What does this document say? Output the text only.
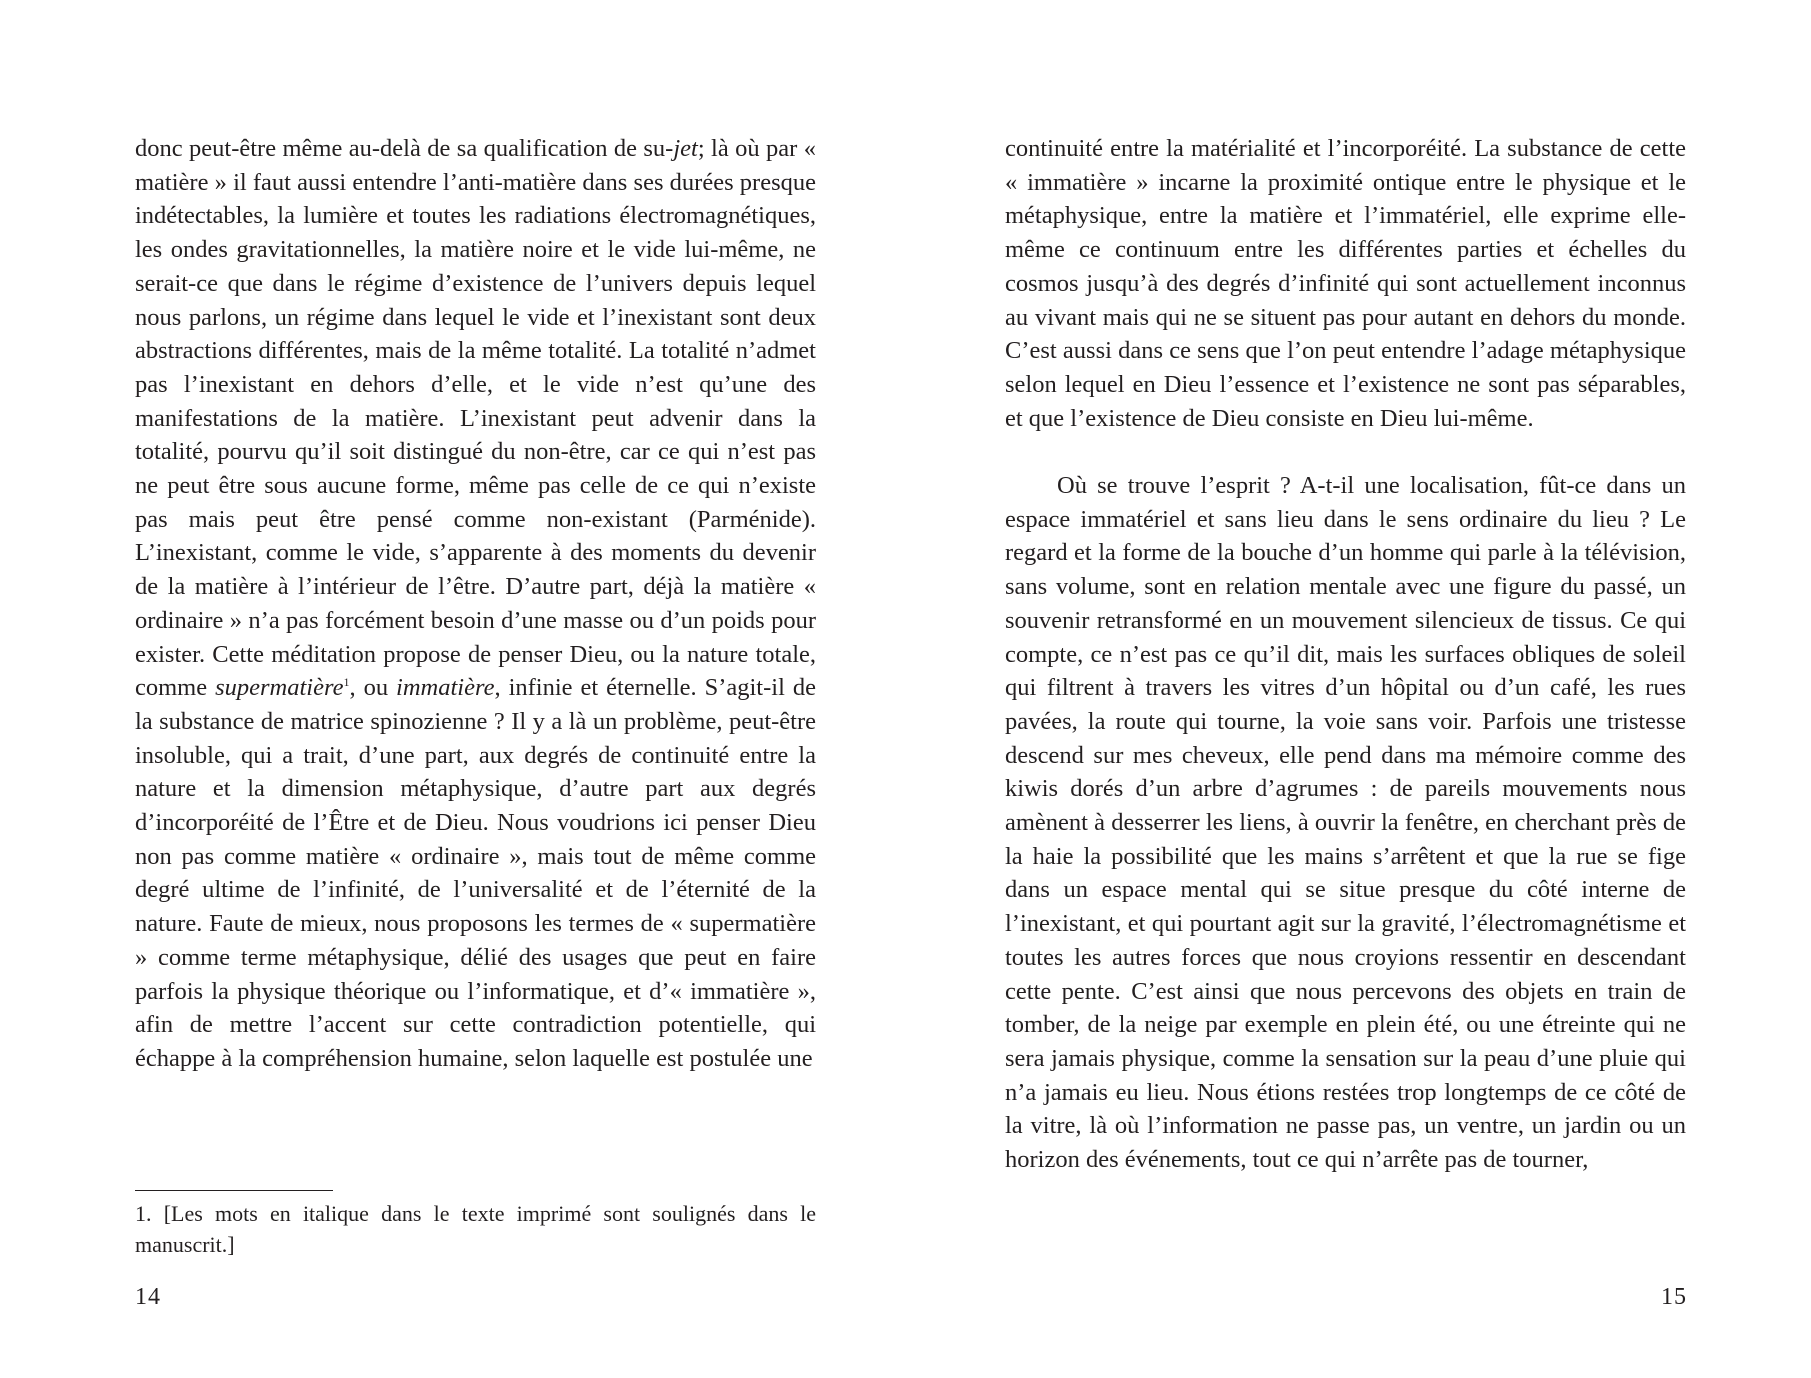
donc peut-être même au-delà de sa qualification de su-jet; là où par « matière » il faut aussi entendre l’anti-matière dans ses durées presque indétectables, la lumière et toutes les radiations électromagnétiques, les ondes gravitationnelles, la matière noire et le vide lui-même, ne serait-ce que dans le régime d’existence de l’univers depuis lequel nous parlons, un régime dans lequel le vide et l’inexistant sont deux abstractions différentes, mais de la même totalité. La totalité n’admet pas l’inexistant en dehors d’elle, et le vide n’est qu’une des manifestations de la matière. L’inexistant peut advenir dans la totalité, pourvu qu’il soit distingué du non-être, car ce qui n’est pas ne peut être sous aucune forme, même pas celle de ce qui n’existe pas mais peut être pensé comme non-existant (Parménide). L’inexistant, comme le vide, s’apparente à des moments du devenir de la matière à l’intérieur de l’être. D’autre part, déjà la matière « ordinaire » n’a pas forcément besoin d’une masse ou d’un poids pour exister. Cette méditation propose de penser Dieu, ou la nature totale, comme supermatière$^1$, ou immatière, infinie et éternelle. S’agit-il de la substance de matrice spinozienne ? Il y a là un problème, peut-être insoluble, qui a trait, d’une part, aux degrés de continuité entre la nature et la dimension métaphysique, d’autre part aux degrés d’incorporéité de l’Être et de Dieu. Nous voudrions ici penser Dieu non pas comme matière « ordinaire », mais tout de même comme degré ultime de l’infinité, de l’universalité et de l’éternité de la nature. Faute de mieux, nous proposons les termes de « supermatière » comme terme métaphysique, délié des usages que peut en faire parfois la physique théorique ou l’informatique, et d’« immatière », afin de mettre l’accent sur cette contradiction potentielle, qui échappe à la compréhension humaine, selon laquelle est postulée une

1. [Les mots en italique dans le texte imprimé sont soulignés dans le manuscrit.]
14

continuité entre la matérialité et l’incorporéité. La substance de cette « immatière » incarne la proximité ontique entre le physique et le métaphysique, entre la matière et l’immatériel, elle exprime elle-même ce continuum entre les différentes parties et échelles du cosmos jusqu’à des degrés d’infinité qui sont actuellement inconnus au vivant mais qui ne se situent pas pour autant en dehors du monde. C’est aussi dans ce sens que l’on peut entendre l’adage métaphysique selon lequel en Dieu l’essence et l’existence ne sont pas séparables, et que l’existence de Dieu consiste en Dieu lui-même.

Où se trouve l’esprit ? A-t-il une localisation, fût-ce dans un espace immatériel et sans lieu dans le sens ordinaire du lieu ? Le regard et la forme de la bouche d’un homme qui parle à la télévision, sans volume, sont en relation mentale avec une figure du passé, un souvenir retransformé en un mouvement silencieux de tissus. Ce qui compte, ce n’est pas ce qu’il dit, mais les surfaces obliques de soleil qui filtrent à travers les vitres d’un hôpital ou d’un café, les rues pavées, la route qui tourne, la voie sans voir. Parfois une tristesse descend sur mes cheveux, elle pend dans ma mémoire comme des kiwis dorés d’un arbre d’agrumes : de pareils mouvements nous amènent à desserrer les liens, à ouvrir la fenêtre, en cherchant près de la haie la possibilité que les mains s’arrêtent et que la rue se fige dans un espace mental qui se situe presque du côté interne de l’inexistant, et qui pourtant agit sur la gravité, l’électromagnétisme et toutes les autres forces que nous croyions ressentir en descendant cette pente. C’est ainsi que nous percevons des objets en train de tomber, de la neige par exemple en plein été, ou une étreinte qui ne sera jamais physique, comme la sensation sur la peau d’une pluie qui n’a jamais eu lieu. Nous étions restées trop longtemps de ce côté de la vitre, là où l’information ne passe pas, un ventre, un jardin ou un horizon des événements, tout ce qui n’arrête pas de tourner,

15
